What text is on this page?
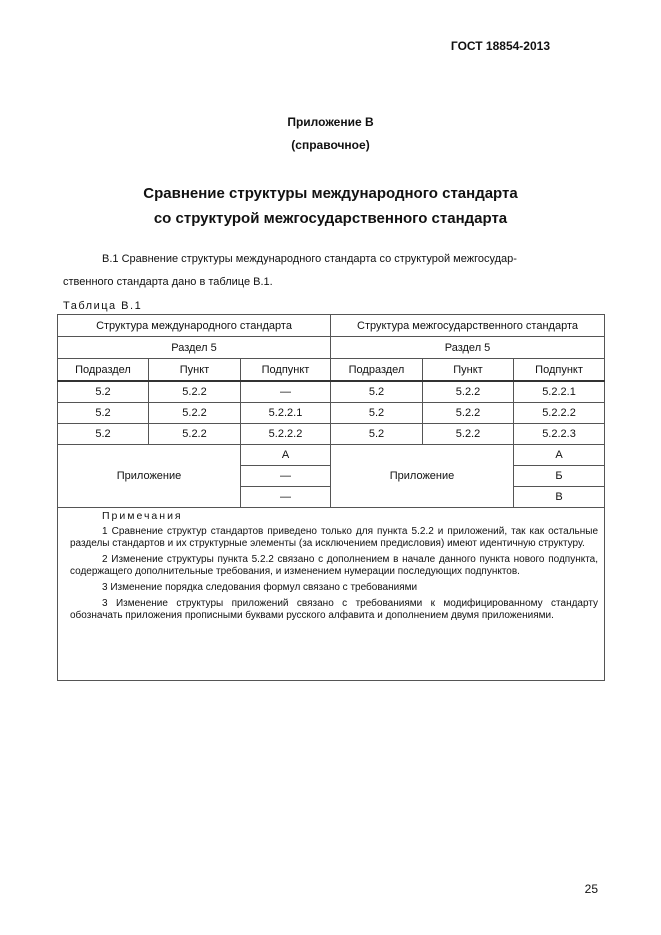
ГОСТ 18854-2013
Приложение В
(справочное)
Сравнение структуры международного стандарта
со структурой межгосударственного стандарта
В.1 Сравнение структуры международного стандарта со структурой межгосудар-
ственного стандарта дано в таблице В.1.
Таблица В.1
Структура международного стандарта			Структура межгосударственного стандарта		
Раздел 5			Раздел 5		
Подраздел	Пункт	Подпункт	Подраздел	Пункт	Подпункт
5.2	5.2.2	—	5.2	5.2.2	5.2.2.1
5.2	5.2.2	5.2.2.1	5.2	5.2.2	5.2.2.2
5.2	5.2.2	5.2.2.2	5.2	5.2.2	5.2.2.3
Приложение		А	Приложение		А
		—			Б
		—			В

Примечания
1 Сравнение структур стандартов приведено только для пункта 5.2.2 и приложений, так как остальные разделы стандартов и их структурные элементы (за исключением предисловия) имеют идентичную структуру.
2 Изменение структуры пункта 5.2.2 связано с дополнением в начале данного пункта нового подпункта, содержащего дополнительные требования, и изменением нумерации последующих подпунктов.
3 Изменение порядка следования формул связано с требованиями
3 Изменение структуры приложений связано с требованиями к модифицированному стандарту обозначать приложения прописными буквами русского алфавита и дополнением двумя приложениями.					
25
